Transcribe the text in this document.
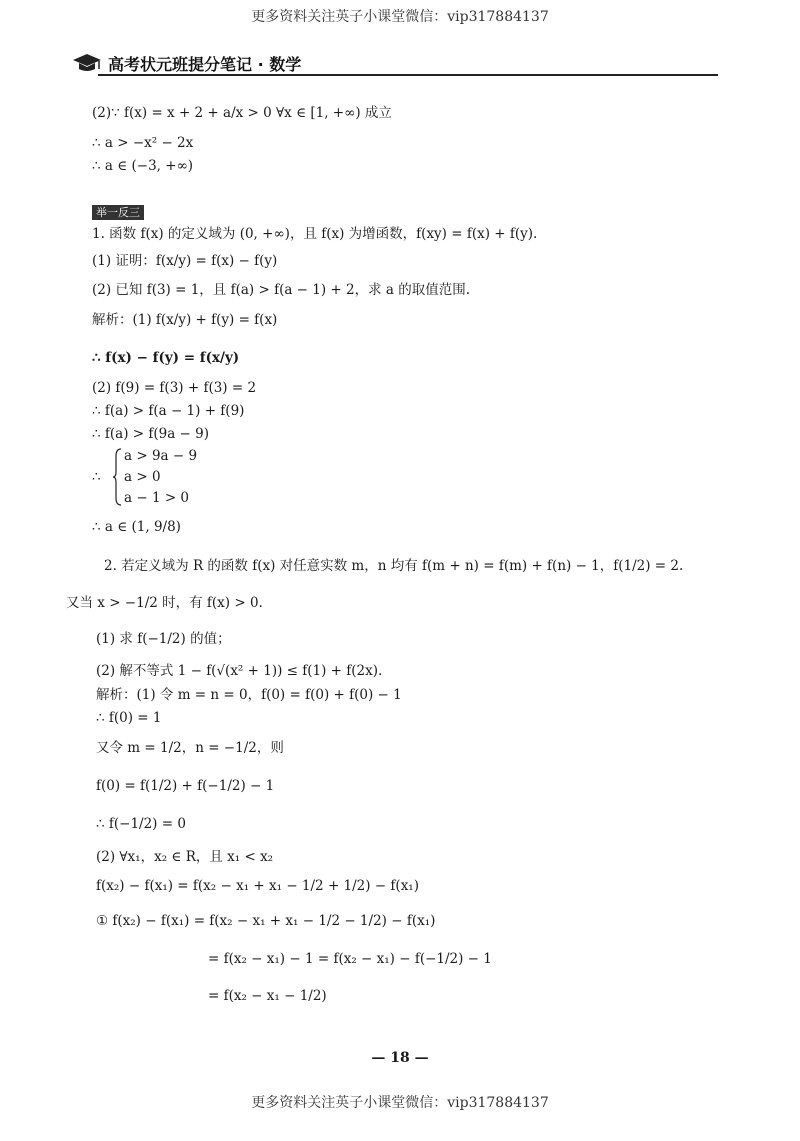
更多资料关注英子小课堂微信：vip317884137
高考状元班提分笔记 · 数学
(2)∵ f(x) = x + 2 + a/x > 0 ∀x ∈ [1, +∞) 成立
∴ a > −x² − 2x
∴ a ∈ (−3, +∞)
举一反三
1. 函数 f(x) 的定义域为 (0, +∞)，且 f(x) 为增函数，f(xy) = f(x) + f(y).
(1) 证明：f(x/y) = f(x) − f(y)
(2) 已知 f(3) = 1，且 f(a) > f(a − 1) + 2，求 a 的取值范围.
解析：(1) f(x/y) + f(y) = f(x)
∴ f(x) − f(y) = f(x/y)
(2) f(9) = f(3) + f(3) = 2
∴ f(a) > f(a − 1) + f(9)
∴ f(a) > f(9a − 9)
∴
a > 9a − 9
a > 0
a − 1 > 0
∴ a ∈ (1, 9/8)
2. 若定义域为 R 的函数 f(x) 对任意实数 m，n 均有 f(m + n) = f(m) + f(n) − 1，f(1/2) = 2.
又当 x > −1/2 时，有 f(x) > 0.
(1) 求 f(−1/2) 的值；
(2) 解不等式 1 − f(√(x² + 1)) ≤ f(1) + f(2x).
解析：(1) 令 m = n = 0，f(0) = f(0) + f(0) − 1
∴ f(0) = 1
又令 m = 1/2，n = −1/2，则
f(0) = f(1/2) + f(−1/2) − 1
∴ f(−1/2) = 0
(2) ∀x₁，x₂ ∈ R，且 x₁ < x₂
f(x₂) − f(x₁) = f(x₂ − x₁ + x₁ − 1/2 + 1/2) − f(x₁)
① f(x₂) − f(x₁) = f(x₂ − x₁ + x₁ − 1/2 − 1/2) − f(x₁)
= f(x₂ − x₁) − 1 = f(x₂ − x₁) − f(−1/2) − 1
= f(x₂ − x₁ − 1/2)
— 18 —
更多资料关注英子小课堂微信：vip317884137
